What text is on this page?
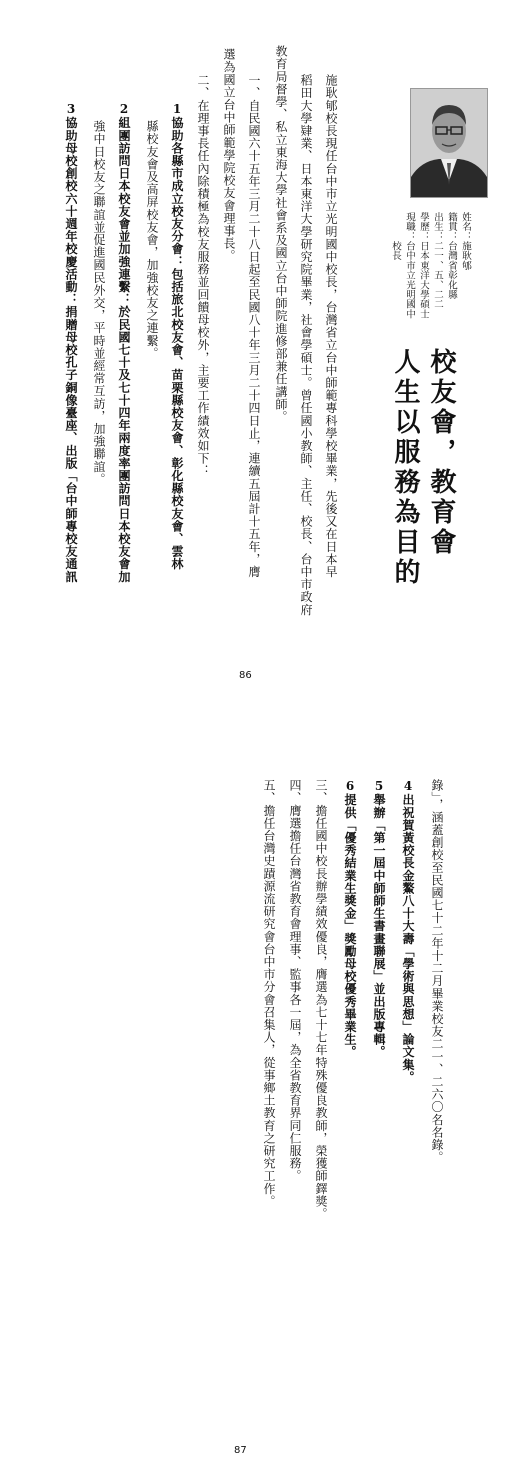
姓名：施耿郇
籍貫：台灣省彰化縣
出生：二一、五、二二
學歷：日本東洋大學碩士
現職：台中市立光明國中
　　　校長
校友會，教育會
人生以服務為目的
施耿郇校長現任台中市立光明國中校長，台灣省立台中師範專科學校畢業，先後又在日本早
稻田大學肄業、日本東洋大學研究院畢業，社會學碩士。曾任國小教師、主任、校長、台中市政府
教育局督學、私立東海大學社會系及國立台中師院進修部兼任講師。
一、自民國六十五年三月二十八日起至民國八十年三月二十四日止，連續五屆計十五年，膺
選為國立台中師範學院校友會理事長。
二、在理事長任內除積極為校友服務並回饋母校外，主要工作績效如下：
1協助各縣市成立校友分會：包括旅北校友會、苗栗縣校友會、彰化縣校友會、雲林
縣校友會及高屏校友會，加強校友之連繫。
2組團訪問日本校友會並加強連繫：於民國七十及七十四年兩度率團訪問日本校友會加
強中日校友之聯誼並促進國民外交，平時並經常互訪，加強聯誼。
3協助母校創校六十週年校慶活動：捐贈母校孔子銅像臺座、出版「台中師專校友通訊
86
錄」，涵蓋創校至民國七十二年十二月畢業校友二一、二六〇名名錄。
4出祝賀黃校長金鰲八十大壽「學術與思想」論文集。
5舉辦「第一屆中師師生書畫聯展」並出版專輯。
6提供「優秀結業生獎金」獎勵母校優秀畢業生。
三、擔任國中校長辦學績效優良，膺選為七十七年特殊優良教師，榮獲師鐸獎。
四、膺選擔任台灣省教育會理事、監事各一屆，為全省教育界同仁服務。
五、擔任台灣史蹟源流研究會台中市分會召集人，從事鄉土教育之研究工作。
87
